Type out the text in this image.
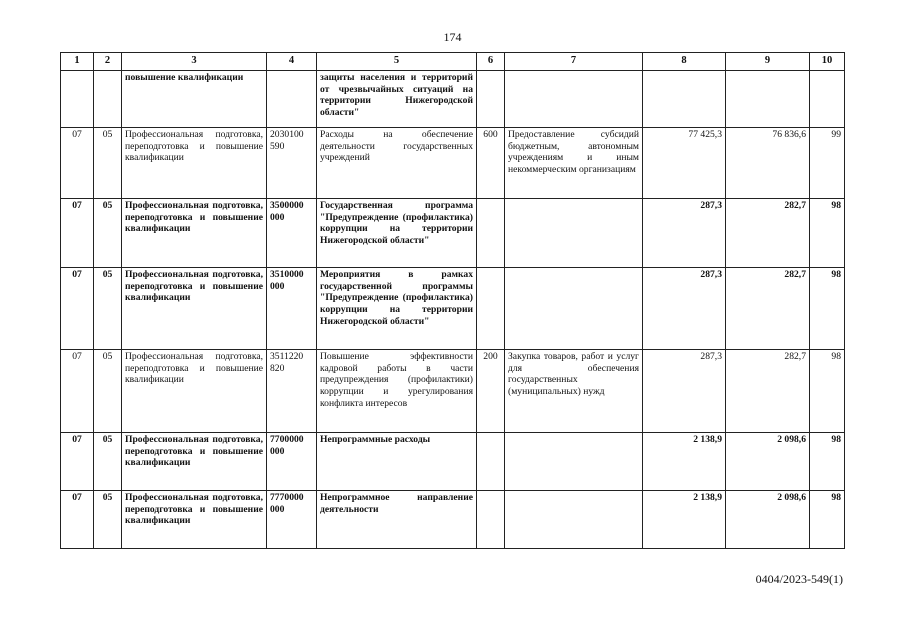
174
1	2	3	4	5	6	7	8	9	10
		повышение квалификации		защиты населения и территорий от чрезвычайных ситуаций на территории Нижегородской области"					
07	05	Профессиональная подготовка, переподготовка и повышение квалификации	2030100 590	Расходы на обеспечение деятельности государственных учреждений	600	Предоставление субсидий бюджетным, автономным учреждениям и иным некоммерческим организациям	77 425,3	76 836,6	99
07	05	Профессиональная подготовка, переподготовка и повышение квалификации	3500000 000	Государственная программа "Предупреждение (профилактика) коррупции на территории Нижегородской области"			287,3	282,7	98
07	05	Профессиональная подготовка, переподготовка и повышение квалификации	3510000 000	Мероприятия в рамках государственной программы "Предупреждение (профилактика) коррупции на территории Нижегородской области"			287,3	282,7	98
07	05	Профессиональная подготовка, переподготовка и повышение квалификации	3511220 820	Повышение эффективности кадровой работы в части предупреждения (профилактики) коррупции и урегулирования конфликта интересов	200	Закупка товаров, работ и услуг для обеспечения государственных (муниципальных) нужд	287,3	282,7	98
07	05	Профессиональная подготовка, переподготовка и повышение квалификации	7700000 000	Непрограммные расходы			2 138,9	2 098,6	98
07	05	Профессиональная подготовка, переподготовка и повышение квалификации	7770000 000	Непрограммное направление деятельности			2 138,9	2 098,6	98
0404/2023-549(1)
